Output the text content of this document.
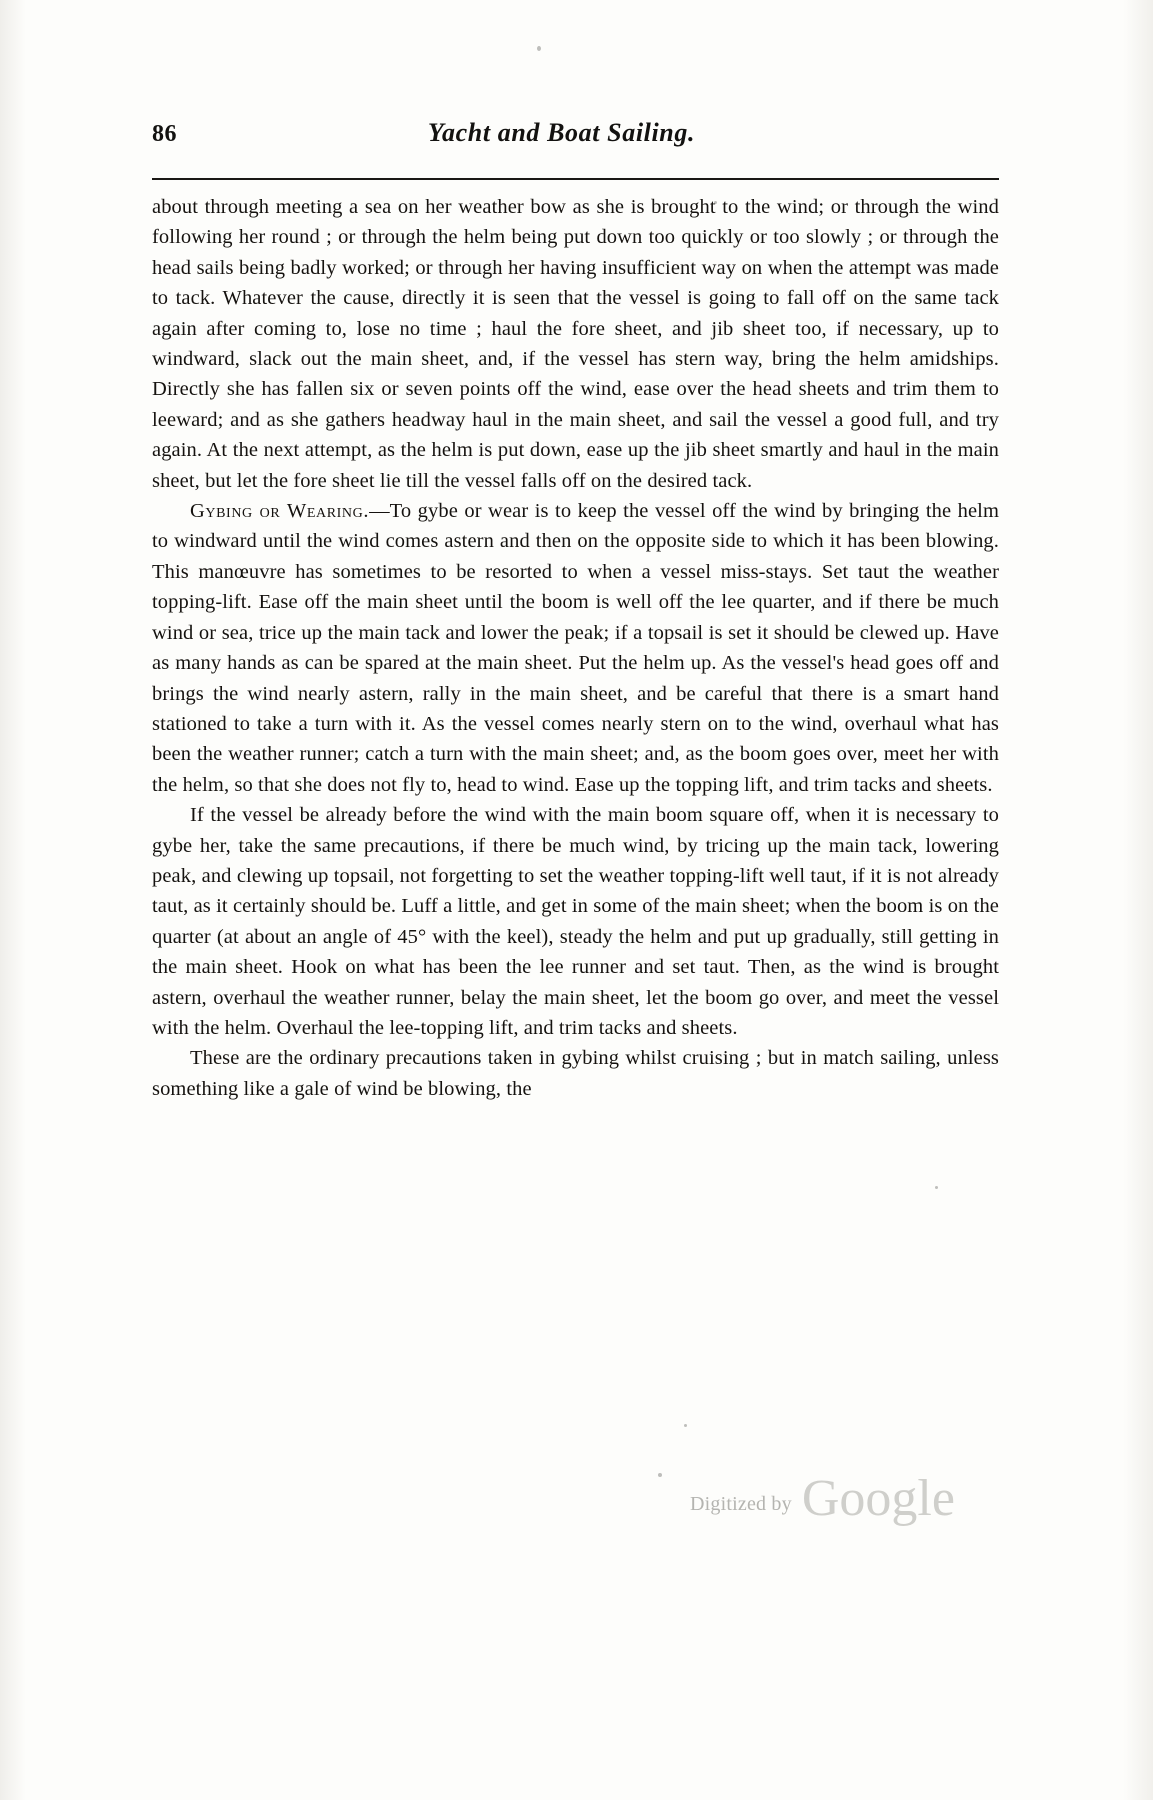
86	Yacht and Boat Sailing.

about through meeting a sea on her weather bow as she is brought to the wind; or through the wind following her round ; or through the helm being put down too quickly or too slowly ; or through the head sails being badly worked; or through her having insufficient way on when the attempt was made to tack. Whatever the cause, directly it is seen that the vessel is going to fall off on the same tack again after coming to, lose no time ; haul the fore sheet, and jib sheet too, if necessary, up to windward, slack out the main sheet, and, if the vessel has stern way, bring the helm amidships. Directly she has fallen six or seven points off the wind, ease over the head sheets and trim them to leeward; and as she gathers headway haul in the main sheet, and sail the vessel a good full, and try again. At the next attempt, as the helm is put down, ease up the jib sheet smartly and haul in the main sheet, but let the fore sheet lie till the vessel falls off on the desired tack.

Gybing or Wearing.—To gybe or wear is to keep the vessel off the wind by bringing the helm to windward until the wind comes astern and then on the opposite side to which it has been blowing. This manœuvre has sometimes to be resorted to when a vessel miss-stays. Set taut the weather topping-lift. Ease off the main sheet until the boom is well off the lee quarter, and if there be much wind or sea, trice up the main tack and lower the peak; if a topsail is set it should be clewed up. Have as many hands as can be spared at the main sheet. Put the helm up. As the vessel's head goes off and brings the wind nearly astern, rally in the main sheet, and be careful that there is a smart hand stationed to take a turn with it. As the vessel comes nearly stern on to the wind, overhaul what has been the weather runner; catch a turn with the main sheet; and, as the boom goes over, meet her with the helm, so that she does not fly to, head to wind. Ease up the topping lift, and trim tacks and sheets.

If the vessel be already before the wind with the main boom square off, when it is necessary to gybe her, take the same precautions, if there be much wind, by tricing up the main tack, lowering peak, and clewing up topsail, not forgetting to set the weather topping-lift well taut, if it is not already taut, as it certainly should be. Luff a little, and get in some of the main sheet; when the boom is on the quarter (at about an angle of 45° with the keel), steady the helm and put up gradually, still getting in the main sheet. Hook on what has been the lee runner and set taut. Then, as the wind is brought astern, overhaul the weather runner, belay the main sheet, let the boom go over, and meet the vessel with the helm. Overhaul the lee-topping lift, and trim tacks and sheets.

These are the ordinary precautions taken in gybing whilst cruising ; but in match sailing, unless something like a gale of wind be blowing, the

Digitized by Google
